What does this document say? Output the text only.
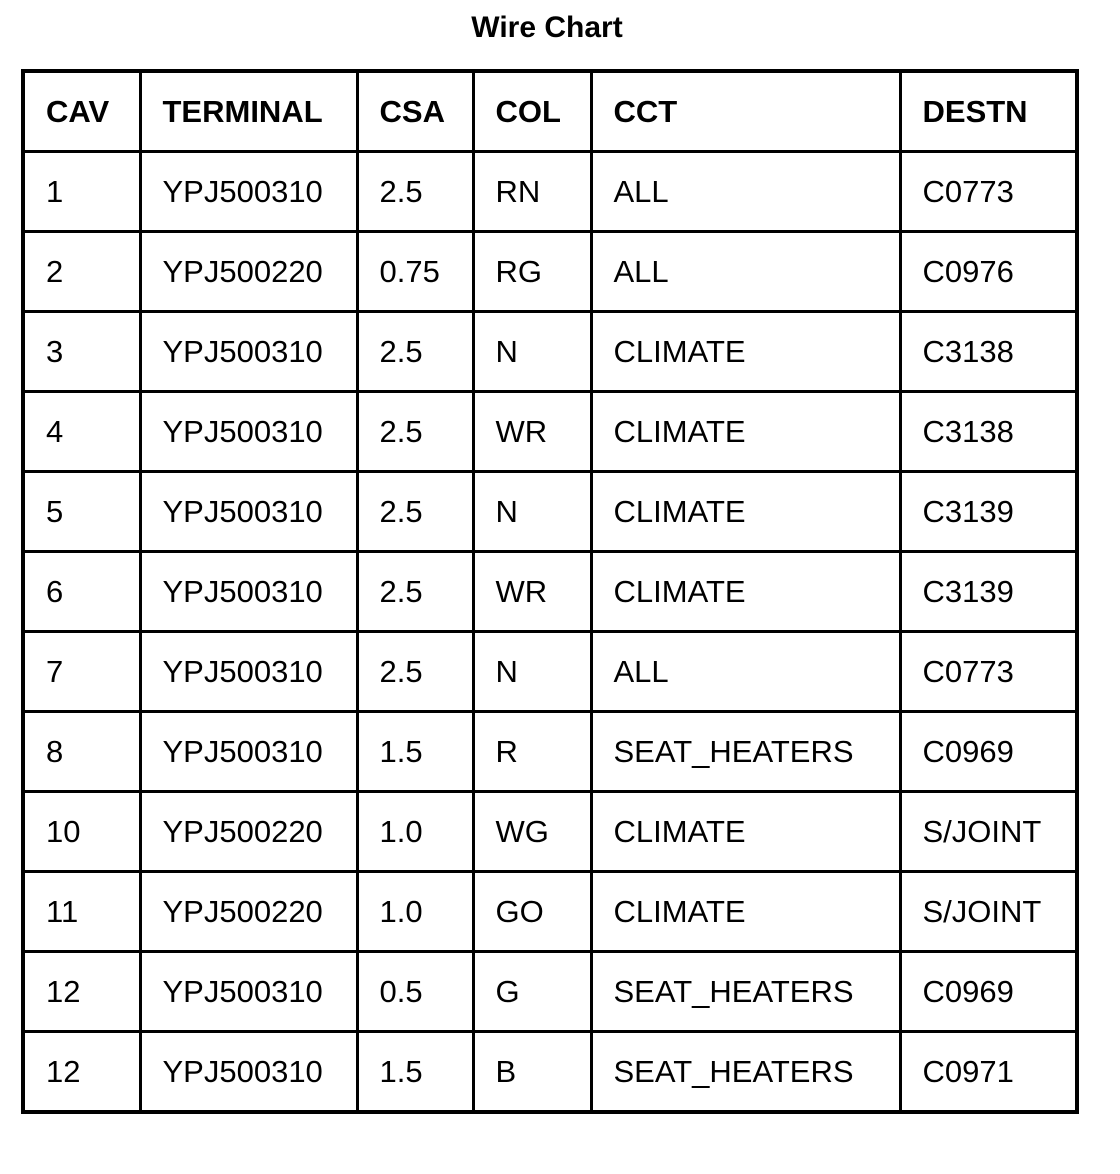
Wire Chart
CAV	TERMINAL	CSA	COL	CCT	DESTN
1	YPJ500310	2.5	RN	ALL	C0773
2	YPJ500220	0.75	RG	ALL	C0976
3	YPJ500310	2.5	N	CLIMATE	C3138
4	YPJ500310	2.5	WR	CLIMATE	C3138
5	YPJ500310	2.5	N	CLIMATE	C3139
6	YPJ500310	2.5	WR	CLIMATE	C3139
7	YPJ500310	2.5	N	ALL	C0773
8	YPJ500310	1.5	R	SEAT_HEATERS	C0969
10	YPJ500220	1.0	WG	CLIMATE	S/JOINT
11	YPJ500220	1.0	GO	CLIMATE	S/JOINT
12	YPJ500310	0.5	G	SEAT_HEATERS	C0969
12	YPJ500310	1.5	B	SEAT_HEATERS	C0971
